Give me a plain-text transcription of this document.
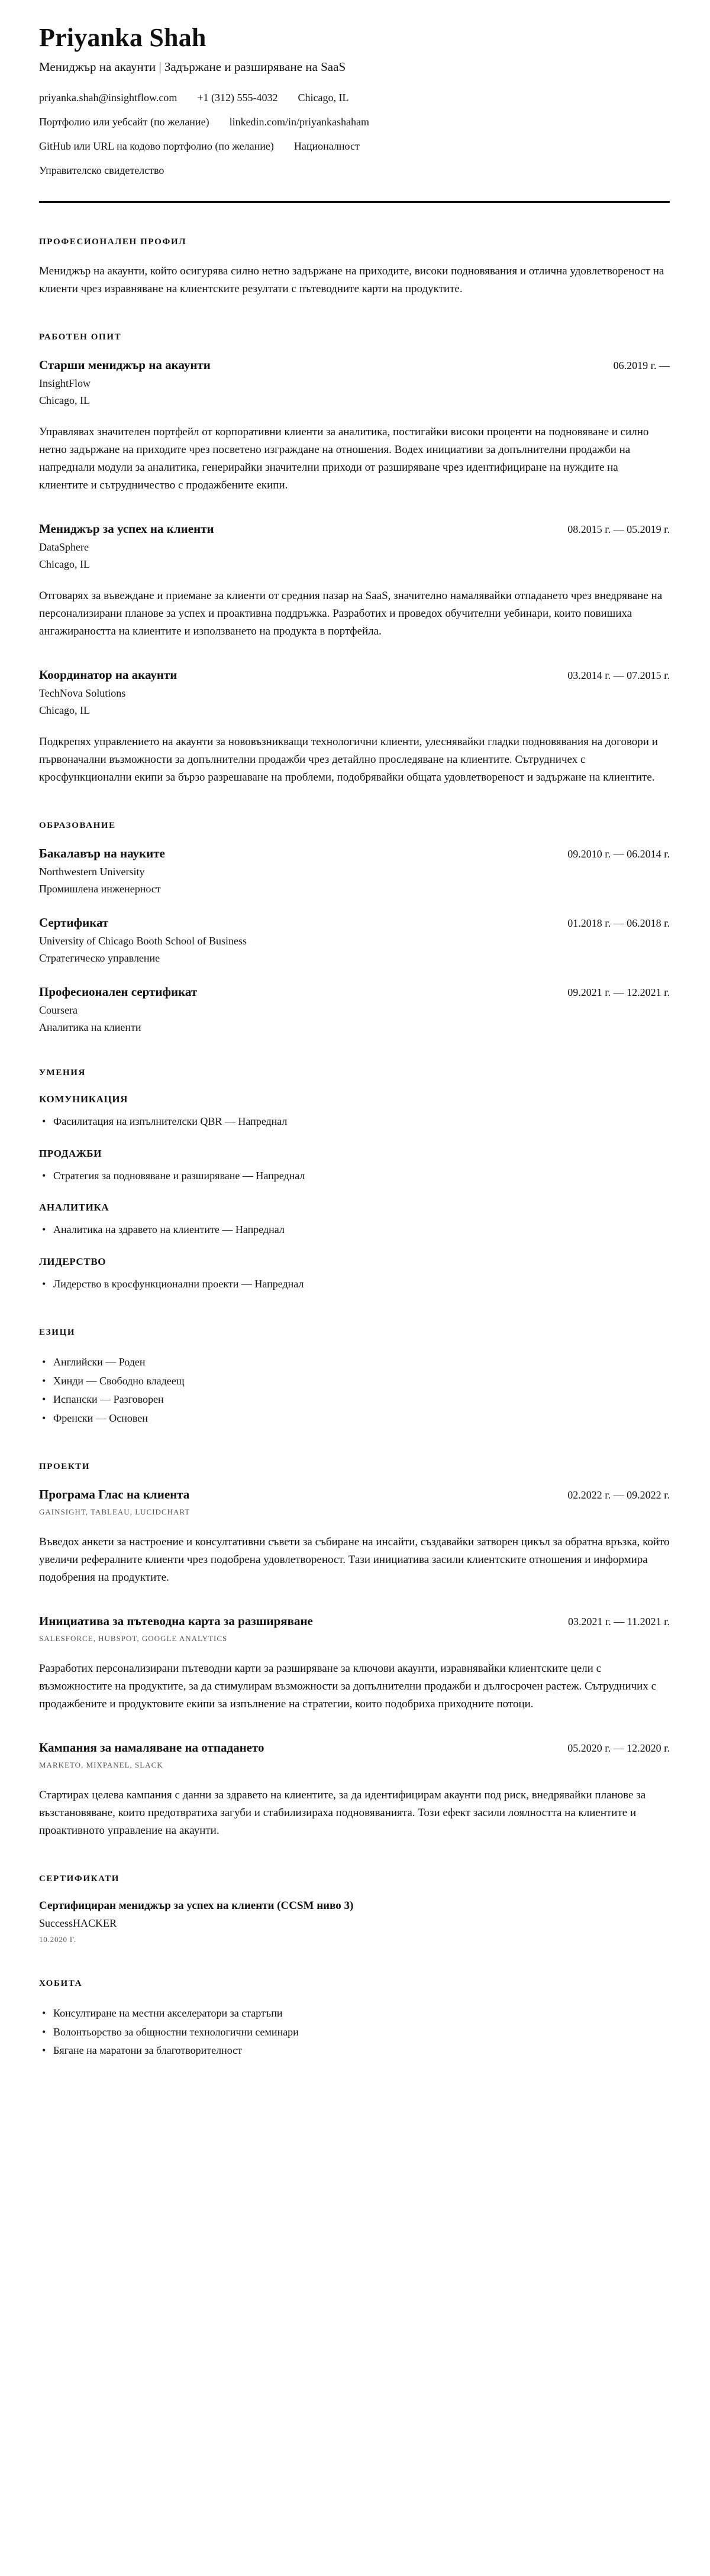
Priyanka Shah
Мениджър на акаунти | Задържане и разширяване на SaaS
priyanka.shah@insightflow.com +1 (312) 555-4032 Chicago, IL
Портфолио или уебсайт (по желание) linkedin.com/in/priyankashaham
GitHub или URL на кодово портфолио (по желание) Националност
Управителско свидетелство
ПРОФЕСИОНАЛЕН ПРОФИЛ

Мениджър на акаунти, който осигурява силно нетно задържане на приходите, високи подновявания и отлична удовлетвореност на клиенти чрез изравняване на клиентските резултати с пътеводните карти на продуктите.

РАБОТЕН ОПИТ
Старши мениджър на акаунти	06.2019 г. —
InsightFlow
Chicago, IL

Управлявах значителен портфейл от корпоративни клиенти за аналитика, постигайки високи проценти на подновяване и силно нетно задържане на приходите чрез посветено изграждане на отношения. Водех инициативи за допълнителни продажби на напреднали модули за аналитика, генерирайки значителни приходи от разширяване чрез идентифициране на нуждите на клиентите и сътрудничество с продажбените екипи.

Мениджър за успех на клиенти	08.2015 г. — 05.2019 г.
DataSphere
Chicago, IL

Отговарях за въвеждане и приемане за клиенти от средния пазар на SaaS, значително намалявайки отпадането чрез внедряване на персонализирани планове за успех и проактивна поддръжка. Разработих и проведох обучителни уебинари, които повишиха ангажираността на клиентите и използването на продукта в портфейла.

Координатор на акаунти	03.2014 г. — 07.2015 г.
TechNova Solutions
Chicago, IL

Подкрепях управлението на акаунти за нововъзникващи технологични клиенти, улеснявайки гладки подновявания на договори и първоначални възможности за допълнителни продажби чрез детайлно проследяване на клиентите. Сътрудничех с кросфункционални екипи за бързо разрешаване на проблеми, подобрявайки общата удовлетвореност и задържане на клиентите.

ОБРАЗОВАНИЕ
Бакалавър на науките	09.2010 г. — 06.2014 г.
Northwestern University
Промишлена инженерност
Сертификат	01.2018 г. — 06.2018 г.
University of Chicago Booth School of Business
Стратегическо управление
Професионален сертификат	09.2021 г. — 12.2021 г.
Coursera
Аналитика на клиенти
УМЕНИЯ
КОМУНИКАЦИЯ
• Фасилитация на изпълнителски QBR — Напреднал
ПРОДАЖБИ
• Стратегия за подновяване и разширяване — Напреднал
АНАЛИТИКА
• Аналитика на здравето на клиентите — Напреднал
ЛИДЕРСТВО
• Лидерство в кросфункционални проекти — Напреднал
ЕЗИЦИ
• Английски — Роден
• Хинди — Свободно владеещ
• Испански — Разговорен
• Френски — Основен
ПРОЕКТИ
Програма Глас на клиента	02.2022 г. — 09.2022 г.
GAINSIGHT, TABLEAU, LUCIDCHART

Въведох анкети за настроение и консултативни съвети за събиране на инсайти, създавайки затворен цикъл за обратна връзка, който увеличи рефералните клиенти чрез подобрена удовлетвореност. Тази инициатива засили клиентските отношения и информира подобрения на продуктите.

Инициатива за пътеводна карта за разширяване	03.2021 г. — 11.2021 г.
SALESFORCE, HUBSPOT, GOOGLE ANALYTICS

Разработих персонализирани пътеводни карти за разширяване за ключови акаунти, изравнявайки клиентските цели с възможностите на продуктите, за да стимулирам възможности за допълнителни продажби и дългосрочен растеж. Сътрудничих с продажбените и продуктовите екипи за изпълнение на стратегии, които подобриха приходните потоци.

Кампания за намаляване на отпадането	05.2020 г. — 12.2020 г.
MARKETO, MIXPANEL, SLACK

Стартирах целева кампания с данни за здравето на клиентите, за да идентифицирам акаунти под риск, внедрявайки планове за възстановяване, които предотвратиха загуби и стабилизираха подновяванията. Този ефект засили лоялността на клиентите и проактивното управление на акаунти.

СЕРТИФИКАТИ
Сертифициран мениджър за успех на клиенти (CCSM ниво 3)
SuccessHACKER
10.2020 Г.
ХОБИТА
• Консултиране на местни акселератори за стартъпи
• Волонтьорство за общностни технологични семинари
• Бягане на маратони за благотворителност
